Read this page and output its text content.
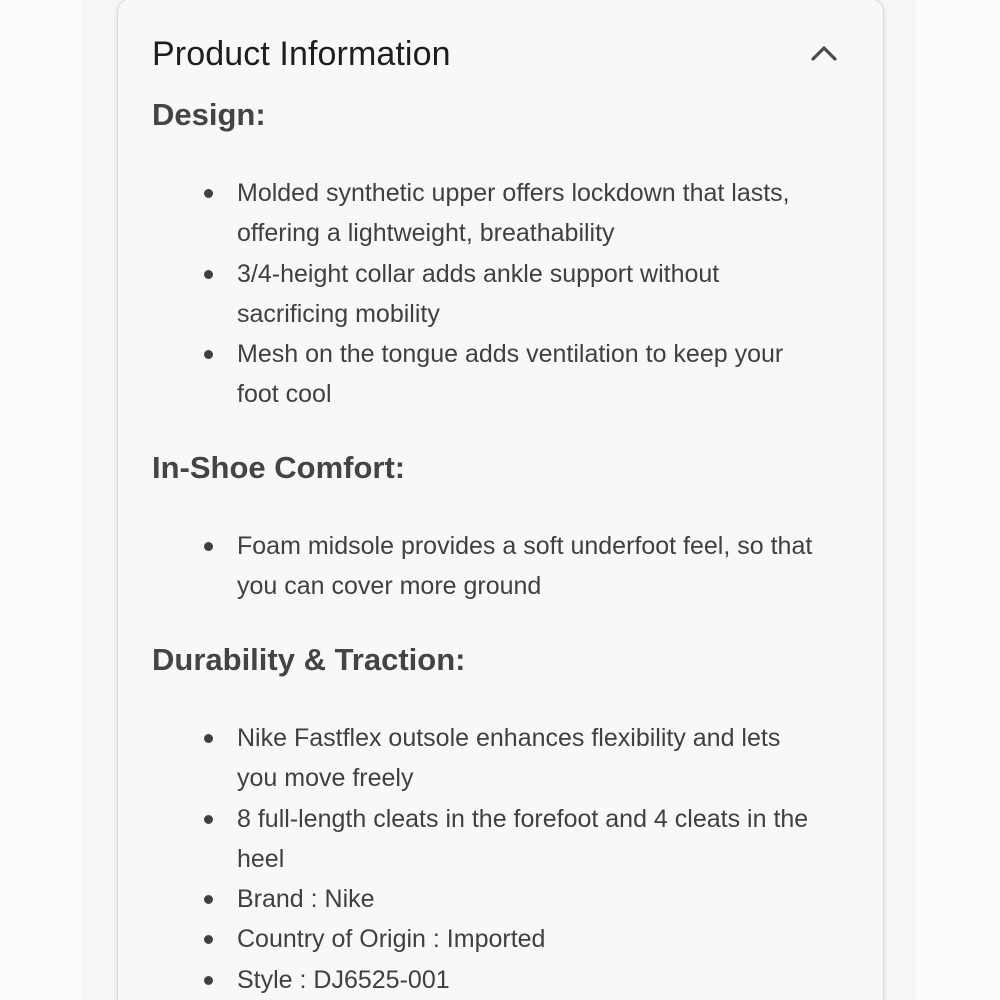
Product Information
Design:
Molded synthetic upper offers lockdown that lasts, offering a lightweight, breathability
3/4-height collar adds ankle support without sacrificing mobility
Mesh on the tongue adds ventilation to keep your foot cool
In-Shoe Comfort:
Foam midsole provides a soft underfoot feel, so that you can cover more ground
Durability & Traction:
Nike Fastflex outsole enhances flexibility and lets you move freely
8 full-length cleats in the forefoot and 4 cleats in the heel
Brand : Nike
Country of Origin : Imported
Style : DJ6525-001
